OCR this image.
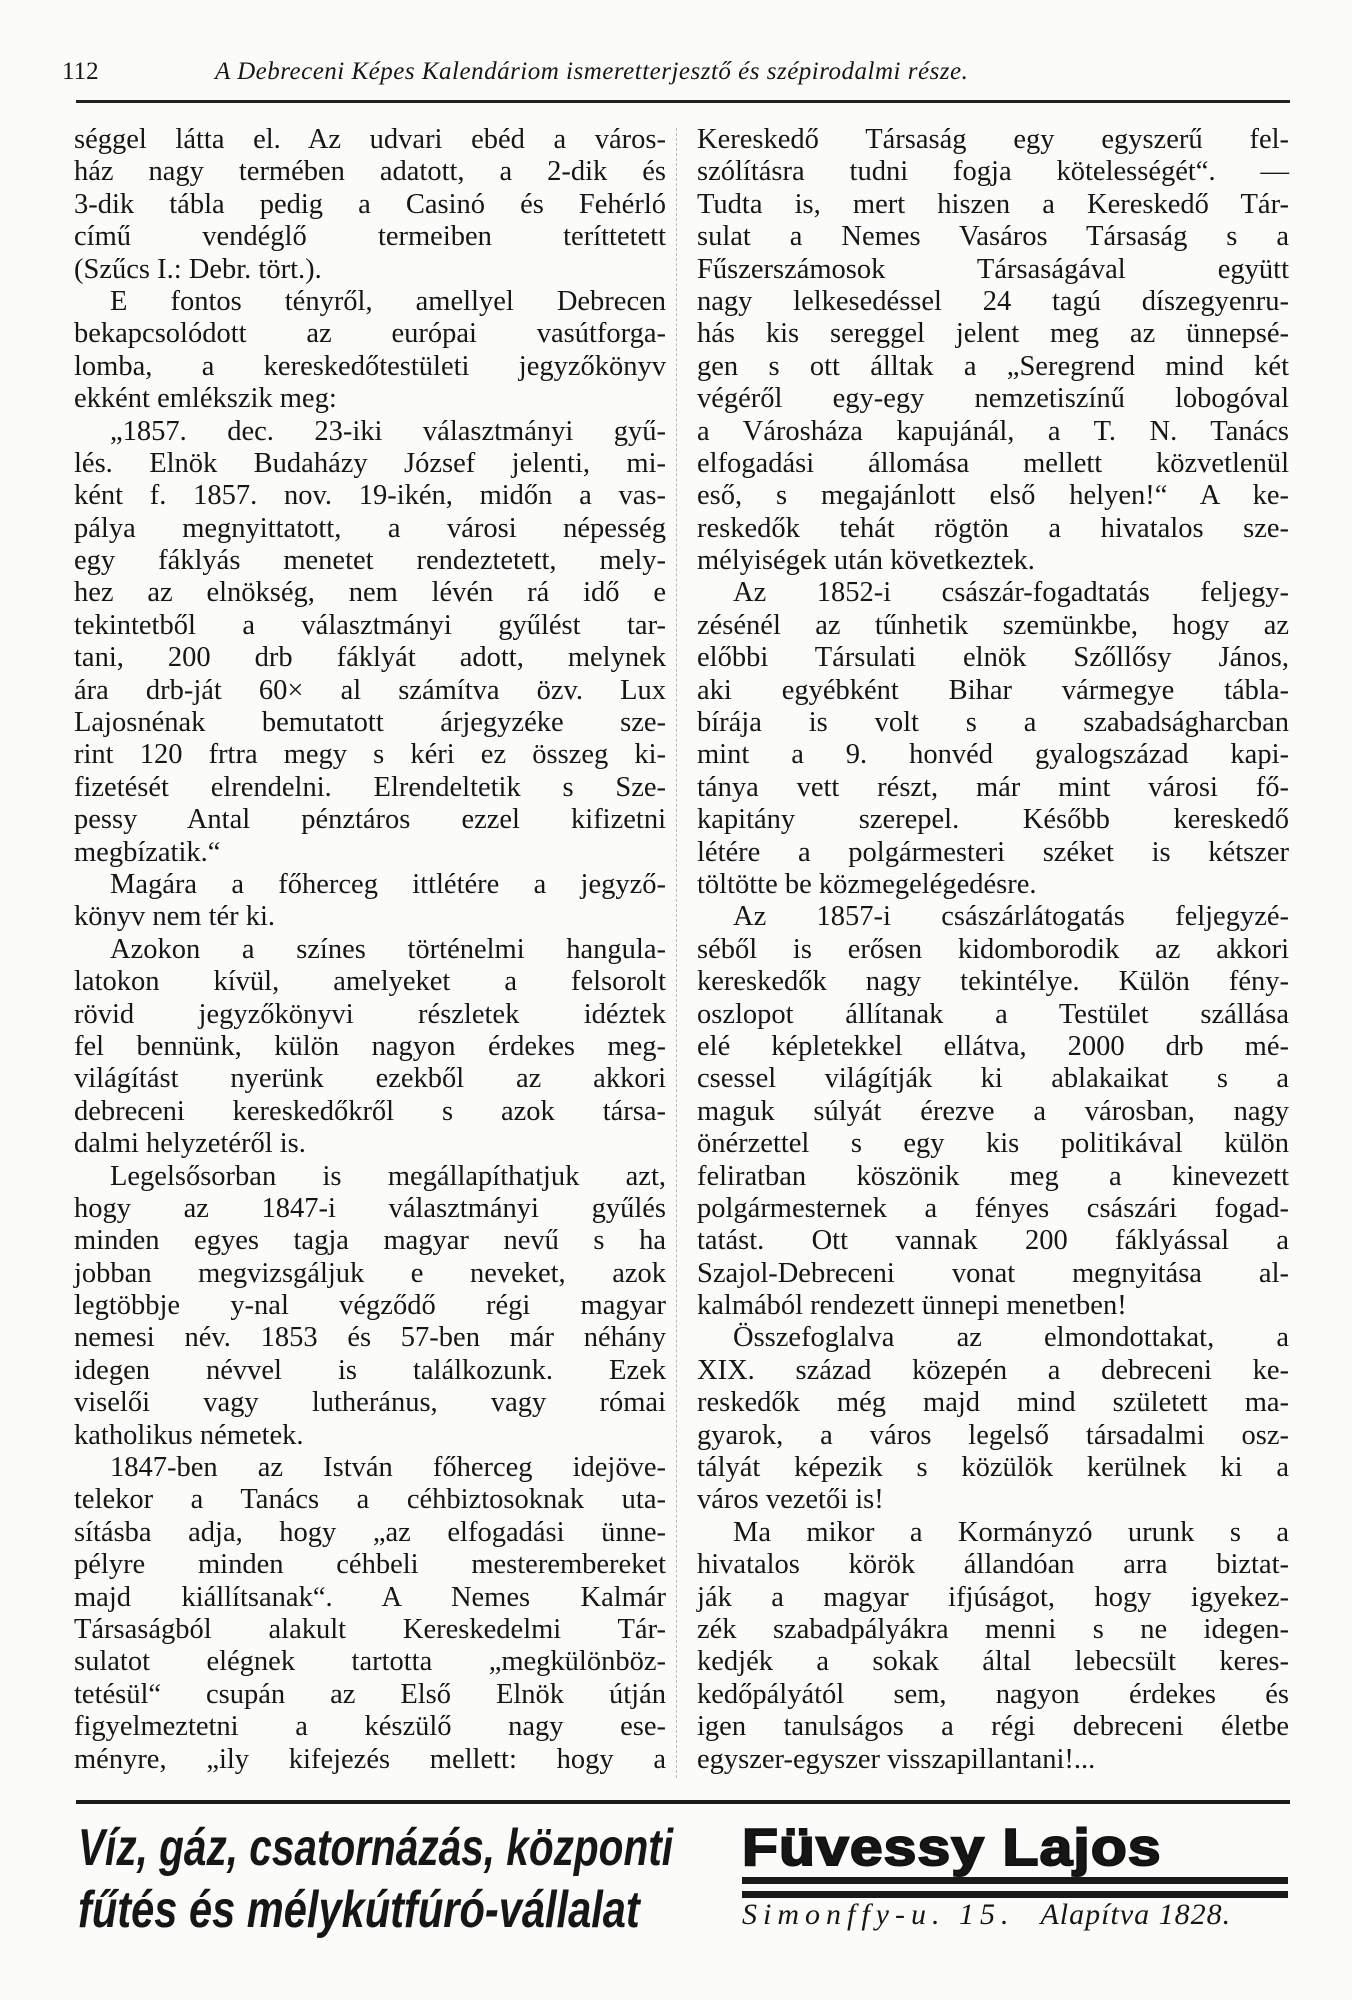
112	A Debreceni Képes Kalendáriom ismeretterjesztő és szépirodalmi része.
séggel látta el. Az udvari ebéd a város-
ház nagy termében adatott, a 2-dik és
3-dik tábla pedig a Casinó és Fehérló
című vendéglő termeiben teríttetett
(Szűcs I.: Debr. tört.).
E fontos tényről, amellyel Debrecen
bekapcsolódott az európai vasútforga-
lomba, a kereskedőtestületi jegyzőkönyv
ekként emlékszik meg:
„1857. dec. 23-iki választmányi gyű-
lés. Elnök Budaházy József jelenti, mi-
ként f. 1857. nov. 19-ikén, midőn a vas-
pálya megnyittatott, a városi népesség
egy fáklyás menetet rendeztetett, mely-
hez az elnökség, nem lévén rá idő e
tekintetből a választmányi gyűlést tar-
tani, 200 drb fáklyát adott, melynek
ára drb-ját 60× al számítva özv. Lux
Lajosnénak bemutatott árjegyzéke sze-
rint 120 frtra megy s kéri ez összeg ki-
fizetését elrendelni. Elrendeltetik s Sze-
pessy Antal pénztáros ezzel kifizetni
megbízatik.“
Magára a főherceg ittlétére a jegyző-
könyv nem tér ki.
Azokon a színes történelmi hangula-
latokon kívül, amelyeket a felsorolt
rövid jegyzőkönyvi részletek idéztek
fel bennünk, külön nagyon érdekes meg-
világítást nyerünk ezekből az akkori
debreceni kereskedőkről s azok társa-
dalmi helyzetéről is.
Legelsősorban is megállapíthatjuk azt,
hogy az 1847-i választmányi gyűlés
minden egyes tagja magyar nevű s ha
jobban megvizsgáljuk e neveket, azok
legtöbbje y-nal végződő régi magyar
nemesi név. 1853 és 57-ben már néhány
idegen névvel is találkozunk. Ezek
viselői vagy lutheránus, vagy római
katholikus németek.
1847-ben az István főherceg idejöve-
telekor a Tanács a céhbiztosoknak uta-
sításba adja, hogy „az elfogadási ünne-
pélyre minden céhbeli mesterembereket
majd kiállítsanak“. A Nemes Kalmár
Társaságból alakult Kereskedelmi Tár-
sulatot elégnek tartotta „megkülönböz-
tetésül“ csupán az Első Elnök útján
figyelmeztetni a készülő nagy ese-
ményre, „ily kifejezés mellett: hogy a
Kereskedő Társaság egy egyszerű fel-
szólításra tudni fogja kötelességét“. —
Tudta is, mert hiszen a Kereskedő Tár-
sulat a Nemes Vasáros Társaság s a
Fűszerszámosok Társaságával együtt
nagy lelkesedéssel 24 tagú díszegyenru-
hás kis sereggel jelent meg az ünnepsé-
gen s ott álltak a „Seregrend mind két
végéről egy-egy nemzetiszínű lobogóval
a Városháza kapujánál, a T. N. Tanács
elfogadási állomása mellett közvetlenül
eső, s megajánlott első helyen!“ A ke-
reskedők tehát rögtön a hivatalos sze-
mélyiségek után következtek.
Az 1852-i császár-fogadtatás feljegy-
zésénél az tűnhetik szemünkbe, hogy az
előbbi Társulati elnök Szőllősy János,
aki egyébként Bihar vármegye tábla-
bírája is volt s a szabadságharcban
mint a 9. honvéd gyalogszázad kapi-
tánya vett részt, már mint városi fő-
kapitány szerepel. Később kereskedő
létére a polgármesteri széket is kétszer
töltötte be közmegelégedésre.
Az 1857-i császárlátogatás feljegyzé-
séből is erősen kidomborodik az akkori
kereskedők nagy tekintélye. Külön fény-
oszlopot állítanak a Testület szállása
elé képletekkel ellátva, 2000 drb mé-
csessel világítják ki ablakaikat s a
maguk súlyát érezve a városban, nagy
önérzettel s egy kis politikával külön
feliratban köszönik meg a kinevezett
polgármesternek a fényes császári fogad-
tatást. Ott vannak 200 fáklyással a
Szajol-Debreceni vonat megnyitása al-
kalmából rendezett ünnepi menetben!
Összefoglalva az elmondottakat, a
XIX. század közepén a debreceni ke-
reskedők még majd mind született ma-
gyarok, a város legelső társadalmi osz-
tályát képezik s közülök kerülnek ki a
város vezetői is!
Ma mikor a Kormányzó urunk s a
hivatalos körök állandóan arra biztat-
ják a magyar ifjúságot, hogy igyekez-
zék szabadpályákra menni s ne idegen-
kedjék a sokak által lebecsült keres-
kedőpályától sem, nagyon érdekes és
igen tanulságos a régi debreceni életbe
egyszer-egyszer visszapillantani!...
Víz, gáz, csatornázás, központi
fűtés és mélykútfúró-vállalat
Füvessy Lajos
Simonffy-u. 15. Alapítva 1828.
